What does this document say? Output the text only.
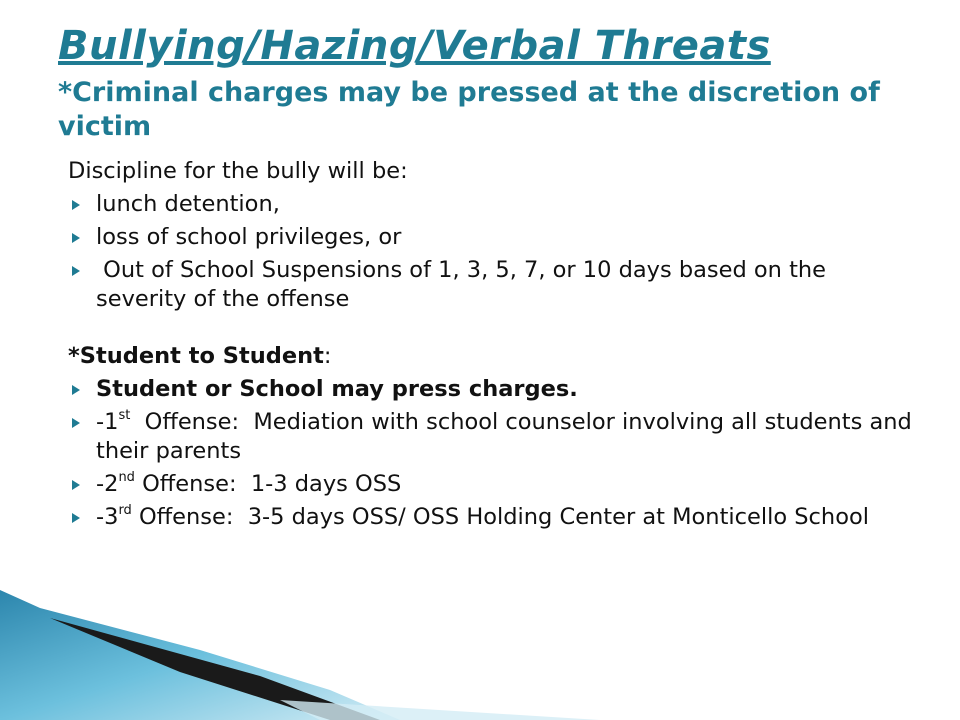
Bullying/Hazing/Verbal Threats
*Criminal charges may be pressed at the discretion of victim
Discipline for the bully will be:
lunch detention,
loss of school privileges, or
Out of School Suspensions of 1, 3, 5, 7, or 10 days based on the severity of the offense
*Student to Student:
Student or School may press charges.
-1st  Offense:  Mediation with school counselor involving all students and their parents
-2nd Offense:  1-3 days OSS
-3rd Offense:  3-5 days OSS/ OSS Holding Center at Monticello School
